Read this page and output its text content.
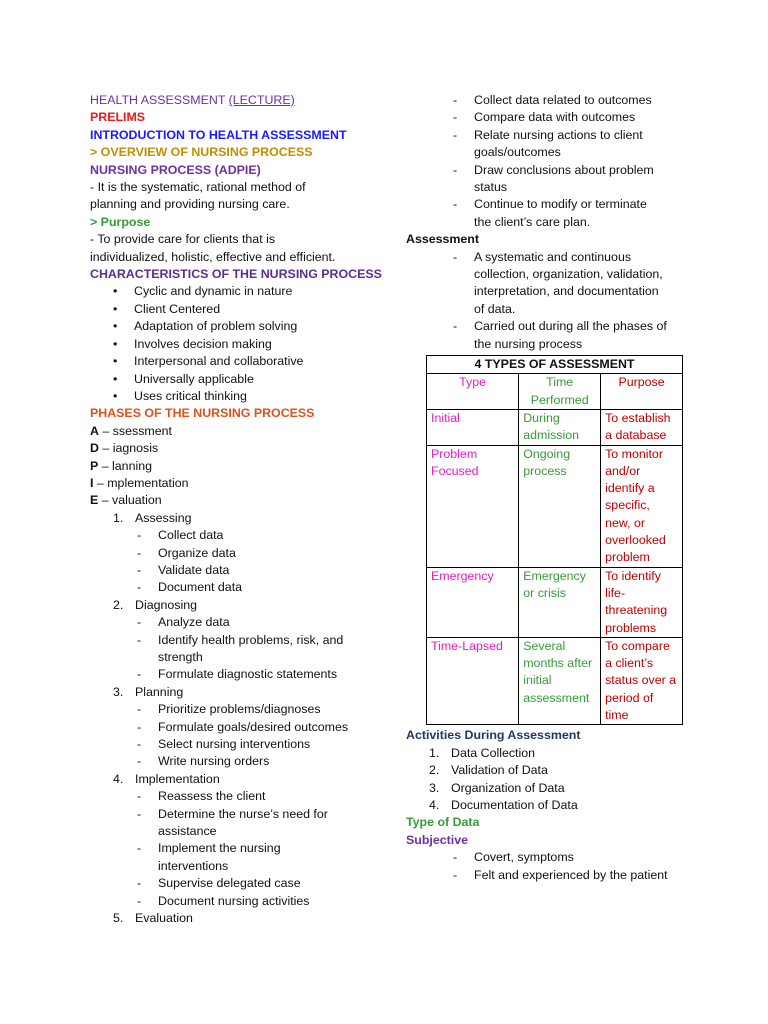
HEALTH ASSESSMENT (LECTURE)
PRELIMS
INTRODUCTION TO HEALTH ASSESSMENT
> OVERVIEW OF NURSING PROCESS
NURSING PROCESS (ADPIE)
- It is the systematic, rational method of
planning and providing nursing care.
> Purpose
- To provide care for clients that is
individualized, holistic, effective and efficient.
CHARACTERISTICS OF THE NURSING PROCESS
•	Cyclic and dynamic in nature
•	Client Centered
•	Adaptation of problem solving
•	Involves decision making
•	Interpersonal and collaborative
•	Universally applicable
•	Uses critical thinking
PHASES OF THE NURSING PROCESS
A – ssessment
D – iagnosis
P – lanning
I – mplementation
E – valuation
1. Assessing
-	Collect data
-	Organize data
-	Validate data
-	Document data
2. Diagnosing
-	Analyze data
-	Identify health problems, risk, and
strength
-	Formulate diagnostic statements
3. Planning
-	Prioritize problems/diagnoses
-	Formulate goals/desired outcomes
-	Select nursing interventions
-	Write nursing orders
4. Implementation
-	Reassess the client
-	Determine the nurse’s need for
assistance
-	Implement the nursing
interventions
-	Supervise delegated case
-	Document nursing activities
5. Evaluation
-	Collect data related to outcomes
-	Compare data with outcomes
-	Relate nursing actions to client
goals/outcomes
-	Draw conclusions about problem
status
-	Continue to modify or terminate
the client’s care plan.
Assessment
-	A systematic and continuous
collection, organization, validation,
interpretation, and documentation
of data.
-	Carried out during all the phases of
the nursing process
4 TYPES OF ASSESSMENT		
Type	Time Performed	Purpose
Initial	During admission	To establish a database
Problem Focused	Ongoing process	To monitor and/or identify a specific, new, or overlooked problem
Emergency	Emergency or crisis	To identify life-threatening problems
Time-Lapsed	Several months after initial assessment	To compare a client’s status over a period of time
Activities During Assessment
1. Data Collection
2. Validation of Data
3. Organization of Data
4. Documentation of Data
Type of Data
Subjective
-	Covert, symptoms
-	Felt and experienced by the patient
